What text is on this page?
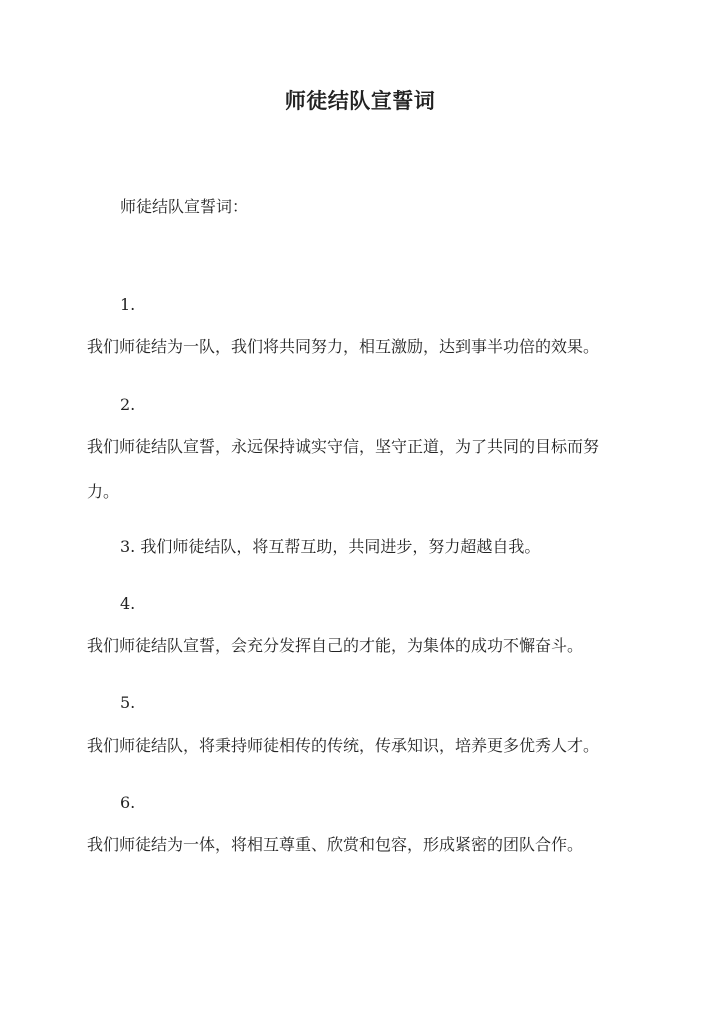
师徒结队宣誓词
师徒结队宣誓词：
1.
我们师徒结为一队，我们将共同努力，相互激励，达到事半功倍的效果。
2.
我们师徒结队宣誓，永远保持诚实守信，坚守正道，为了共同的目标而努
力。
3. 我们师徒结队，将互帮互助，共同进步，努力超越自我。
4.
我们师徒结队宣誓，会充分发挥自己的才能，为集体的成功不懈奋斗。
5.
我们师徒结队，将秉持师徒相传的传统，传承知识，培养更多优秀人才。
6.
我们师徒结为一体，将相互尊重、欣赏和包容，形成紧密的团队合作。
